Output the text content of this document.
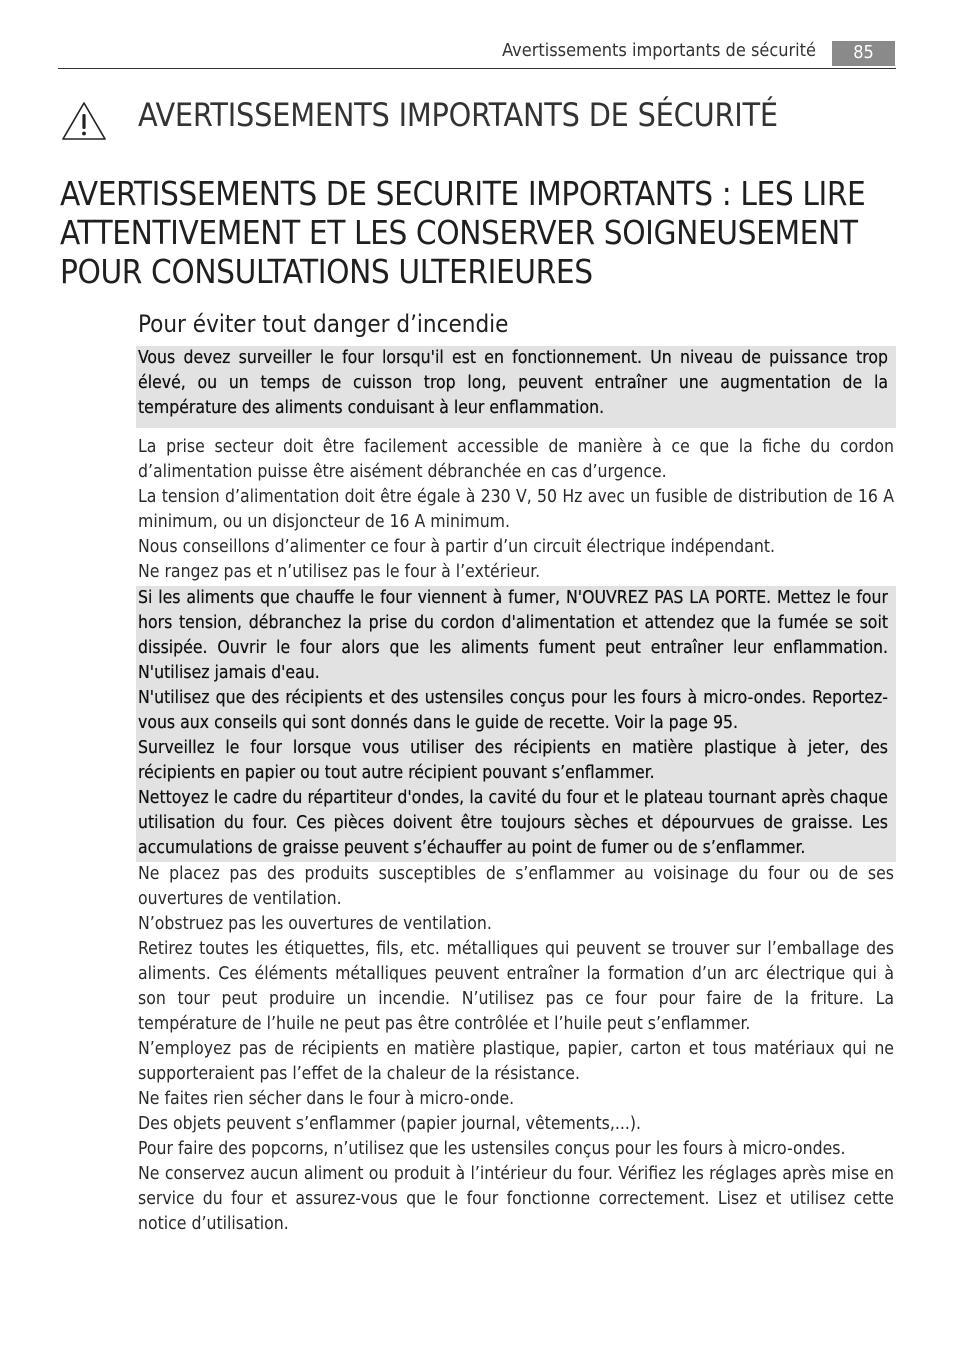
Avertissements importants de sécurité	85
AVERTISSEMENTS IMPORTANTS DE SÉCURITÉ
AVERTISSEMENTS DE SECURITE IMPORTANTS : LES LIRE ATTENTIVEMENT ET LES CONSERVER SOIGNEUSEMENT POUR CONSULTATIONS ULTERIEURES
Pour éviter tout danger d’incendie

Vous devez surveiller le four lorsqu'il est en fonctionnement. Un niveau de puissance trop élevé, ou un temps de cuisson trop long, peuvent entraîner une augmentation de la température des aliments conduisant à leur enflammation.

La prise secteur doit être facilement accessible de manière à ce que la fiche du cordon d’alimentation puisse être aisément débranchée en cas d’urgence.

La tension d’alimentation doit être égale à 230 V, 50 Hz avec un fusible de distribution de 16 A minimum, ou un disjoncteur de 16 A minimum.

Nous conseillons d’alimenter ce four à partir d’un circuit électrique indépendant.

Ne rangez pas et n’utilisez pas le four à l’extérieur.

Si les aliments que chauffe le four viennent à fumer, N'OUVREZ PAS LA PORTE. Mettez le four hors tension, débranchez la prise du cordon d'alimentation et attendez que la fumée se soit dissipée. Ouvrir le four alors que les aliments fument peut entraîner leur enflammation. N'utilisez jamais d'eau.

N'utilisez que des récipients et des ustensiles conçus pour les fours à micro-ondes. Reportez-vous aux conseils qui sont donnés dans le guide de recette. Voir la page 95.

Surveillez le four lorsque vous utiliser des récipients en matière plastique à jeter, des récipients en papier ou tout autre récipient pouvant s’enflammer.

Nettoyez le cadre du répartiteur d'ondes, la cavité du four et le plateau tournant après chaque utilisation du four. Ces pièces doivent être toujours sèches et dépourvues de graisse. Les accumulations de graisse peuvent s’échauffer au point de fumer ou de s’enflammer.

Ne placez pas des produits susceptibles de s’enflammer au voisinage du four ou de ses ouvertures de ventilation.

N’obstruez pas les ouvertures de ventilation.

Retirez toutes les étiquettes, fils, etc. métalliques qui peuvent se trouver sur l’emballage des aliments. Ces éléments métalliques peuvent entraîner la formation d’un arc électrique qui à son tour peut produire un incendie. N’utilisez pas ce four pour faire de la friture. La température de l’huile ne peut pas être contrôlée et l’huile peut s’enflammer.

N’employez pas de récipients en matière plastique, papier, carton et tous matériaux qui ne supporteraient pas l’effet de la chaleur de la résistance.

Ne faites rien sécher dans le four à micro-onde.

Des objets peuvent s’enflammer (papier journal, vêtements,...).

Pour faire des popcorns, n’utilisez que les ustensiles conçus pour les fours à micro-ondes.

Ne conservez aucun aliment ou produit à l’intérieur du four. Vérifiez les réglages après mise en service du four et assurez-vous que le four fonctionne correctement. Lisez et utilisez cette notice d’utilisation.
